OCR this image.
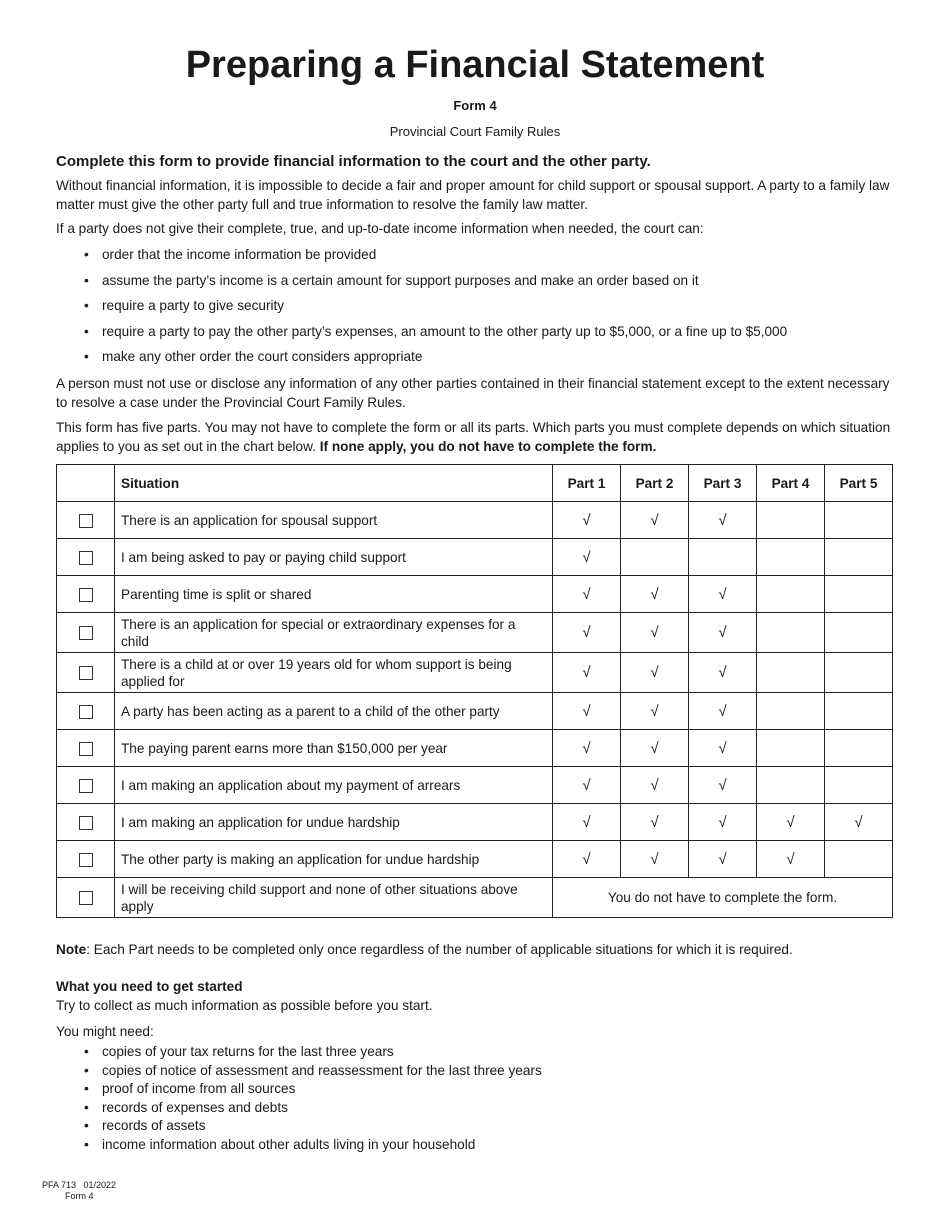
Preparing a Financial Statement
Form 4
Provincial Court Family Rules
Complete this form to provide financial information to the court and the other party.
Without financial information, it is impossible to decide a fair and proper amount for child support or spousal support. A party to a family law matter must give the other party full and true information to resolve the family law matter.
If a party does not give their complete, true, and up-to-date income information when needed, the court can:
• order that the income information be provided
• assume the party’s income is a certain amount for support purposes and make an order based on it
• require a party to give security
• require a party to pay the other party’s expenses, an amount to the other party up to $5,000, or a fine up to $5,000
• make any other order the court considers appropriate
A person must not use or disclose any information of any other parties contained in their financial statement except to the extent necessary to resolve a case under the Provincial Court Family Rules.
This form has five parts. You may not have to complete the form or all its parts. Which parts you must complete depends on which situation applies to you as set out in the chart below. If none apply, you do not have to complete the form.
	Situation	Part 1	Part 2	Part 3	Part 4	Part 5
	There is an application for spousal support	√	√	√		
	I am being asked to pay or paying child support	√				
	Parenting time is split or shared	√	√	√		
	There is an application for special or extraordinary expenses for a child	√	√	√		
	There is a child at or over 19 years old for whom support is being applied for	√	√	√		
	A party has been acting as a parent to a child of the other party	√	√	√		
	The paying parent earns more than $150,000 per year	√	√	√		
	I am making an application about my payment of arrears	√	√	√		
	I am making an application for undue hardship	√	√	√	√	√
	The other party is making an application for undue hardship	√	√	√	√	
	I will be receiving child support and none of other situations above apply	You do not have to complete the form.				
Note: Each Part needs to be completed only once regardless of the number of applicable situations for which it is required.
What you need to get started
Try to collect as much information as possible before you start.
You might need:
• copies of your tax returns for the last three years
• copies of notice of assessment and reassessment for the last three years
• proof of income from all sources
• records of expenses and debts
• records of assets
• income information about other adults living in your household
PFA 713   01/2022
Form 4
